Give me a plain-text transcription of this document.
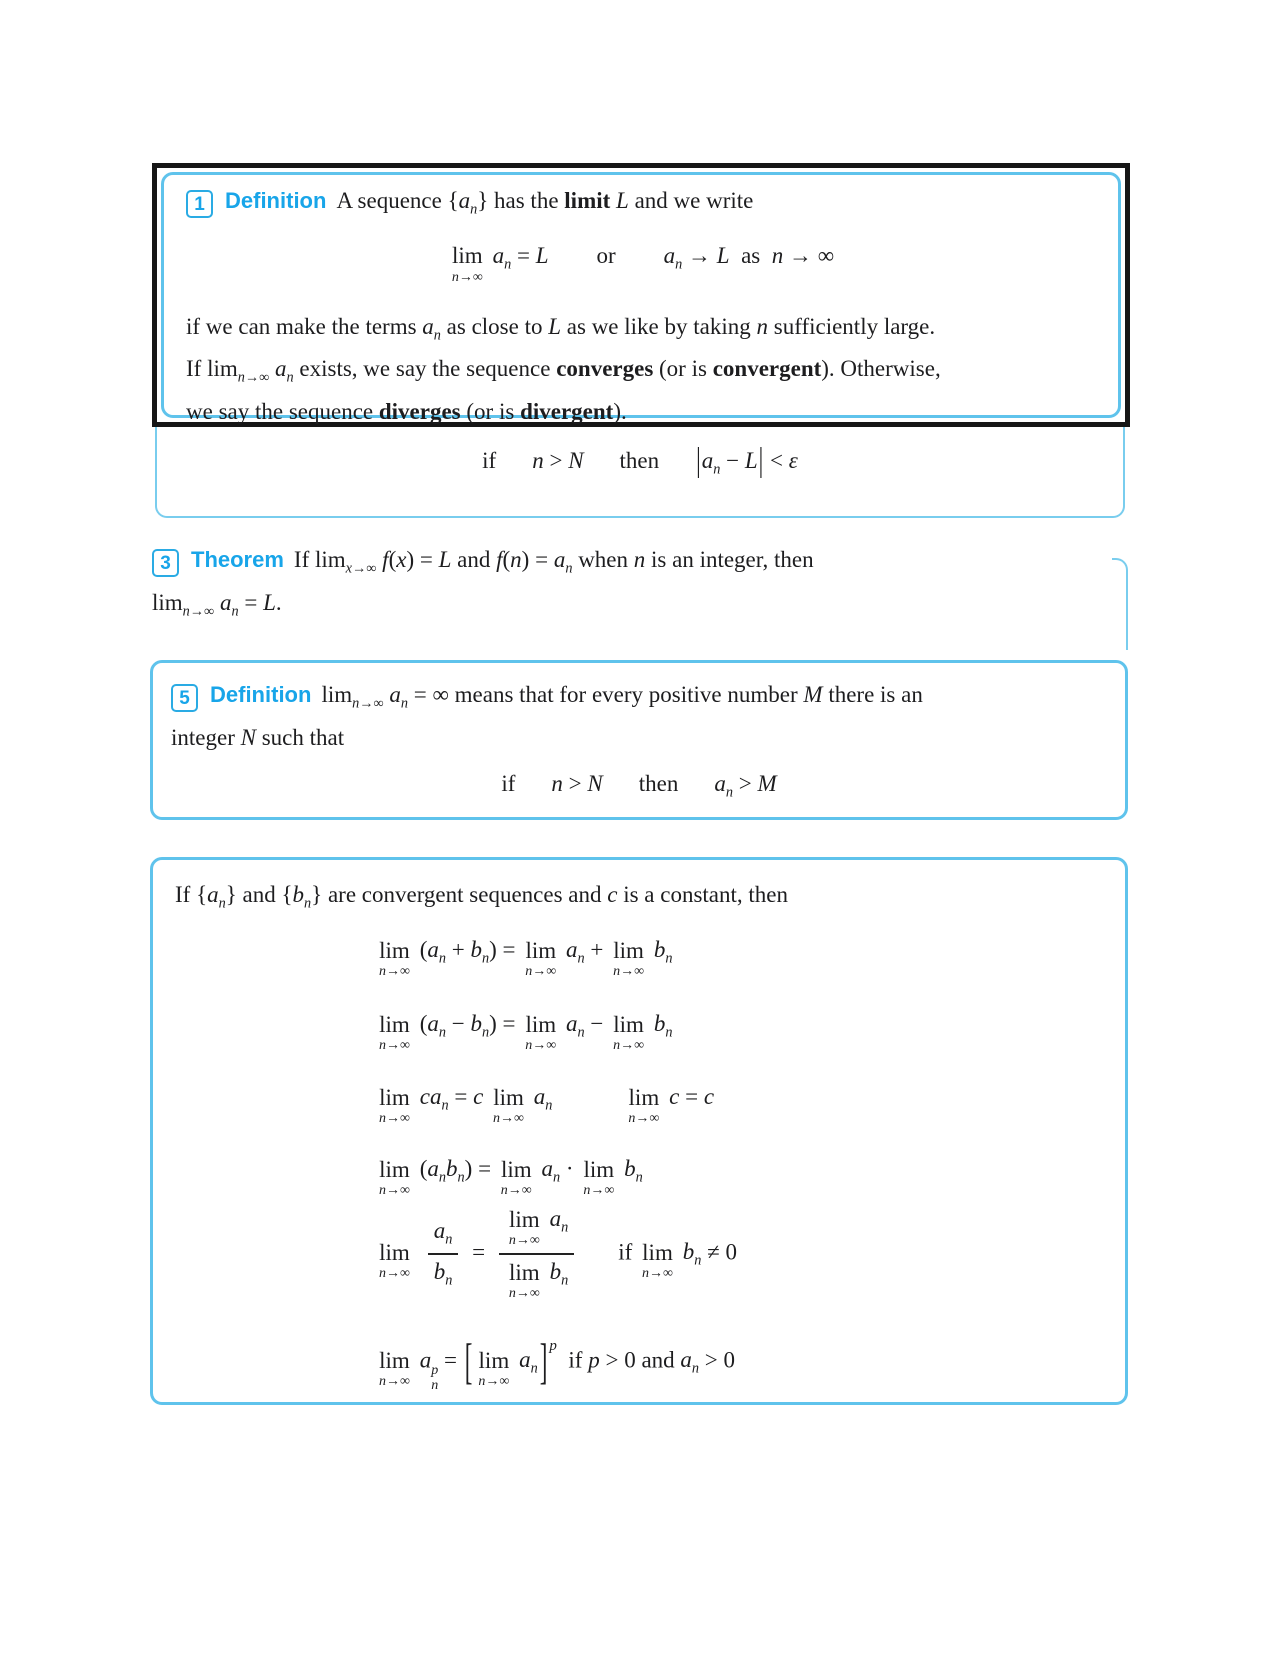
1 Definition A sequence $\{a_n\}$ has the limit L and we write
lim
n→∞
$a_n = L$ or $a_n \to L$  as  n → ∞
if we can make the terms $a_n$ as close to L as we like by taking n sufficiently large.
If $\lim_{n\to\infty} a_n$ exists, we say the sequence converges (or is convergent). Otherwise,
we say the sequence diverges (or is divergent).
if n > N then $|a_n - L| < \varepsilon$
3 Theorem If $\lim_{x\to\infty} f(x) = L$ and $f(n) = a_n$ when n is an integer, then
$\lim_{n\to\infty} a_n = L$.
5 Definition $\lim_{n\to\infty} a_n$ = ∞ means that for every positive number M there is an
integer N such that
if n > N then $a_n > M$
If $\{a_n\}$ and $\{b_n\}$ are convergent sequences and c is a constant, then
lim
n→∞
$(a_n + b_n) = \lim$
n→∞
$a_n + \lim$
n→∞
$b_n$
lim
n→∞
$(a_n - b_n) = \lim$
n→∞
$a_n - \lim$
n→∞
$b_n$
lim
n→∞
$ca_n = c$ lim
n→∞
$a_n$	lim
n→∞
c = c
lim
n→∞
$(a_nb_n) = \lim$
n→∞
$a_n \cdot \lim$
n→∞
$b_n$
lim
n→∞
$\frac{a_n}{b_n} = \lim$
n→∞
$a_n$
lim
n→∞
$b_n$ if lim
n→∞
$b_n \ne 0$
lim
n→∞
a p
n
= [ lim
n→∞
$a_n$] $^p$  if p > 0 and $a_n > 0$
